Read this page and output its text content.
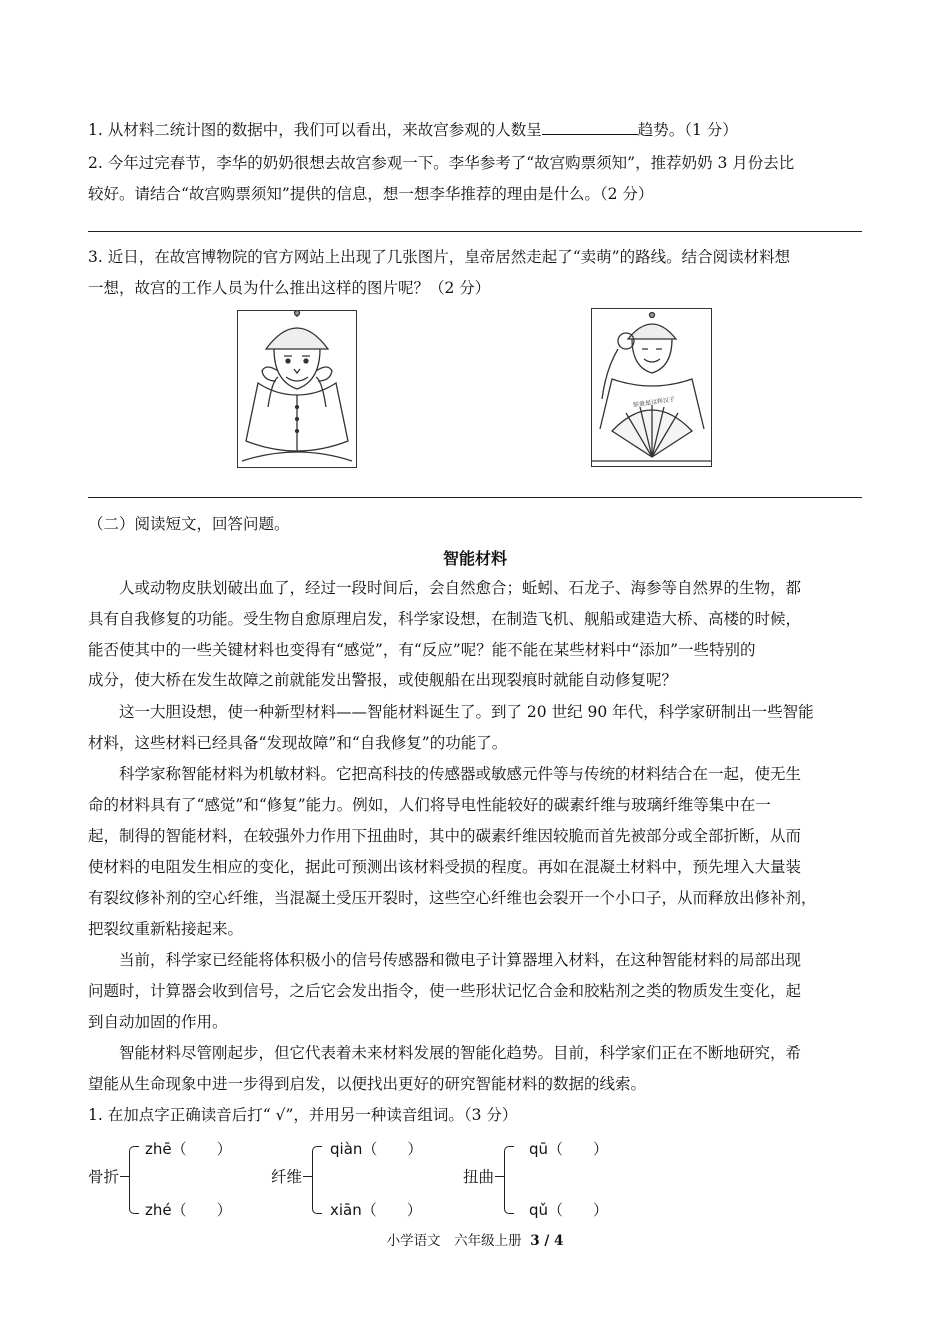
1. 从材料二统计图的数据中，我们可以看出，来故宫参观的人数呈	趋势。（1 分）
2. 今年过完春节，李华的奶奶很想去故宫参观一下。李华参考了“故宫购票须知”，推荐奶奶 3 月份去比
较好。请结合“故宫购票须知”提供的信息，想一想李华推荐的理由是什么。（2 分）
3. 近日，在故宫博物院的官方网站上出现了几张图片，皇帝居然走起了“卖萌”的路线。结合阅读材料想
一想，故宫的工作人员为什么推出这样的图片呢？（2 分）
朕就是这样汉子
（二）阅读短文，回答问题。
智能材料
人或动物皮肤划破出血了，经过一段时间后，会自然愈合；蚯蚓、石龙子、海参等自然界的生物，都
具有自我修复的功能。受生物自愈原理启发，科学家设想，在制造飞机、舰船或建造大桥、高楼的时候，
能否使其中的一些关键材料也变得有“感觉”，有“反应”呢？能不能在某些材料中“添加”一些特别的
成分，使大桥在发生故障之前就能发出警报，或使舰船在出现裂痕时就能自动修复呢？
这一大胆设想，使一种新型材料——智能材料诞生了。到了 20 世纪 90 年代，科学家研制出一些智能
材料，这些材料已经具备“发现故障”和“自我修复”的功能了。
科学家称智能材料为机敏材料。它把高科技的传感器或敏感元件等与传统的材料结合在一起，使无生
命的材料具有了“感觉”和“修复”能力。例如，人们将导电性能较好的碳素纤维与玻璃纤维等集中在一
起，制得的智能材料，在较强外力作用下扭曲时，其中的碳素纤维因较脆而首先被部分或全部折断，从而
使材料的电阻发生相应的变化，据此可预测出该材料受损的程度。再如在混凝土材料中，预先埋入大量装
有裂纹修补剂的空心纤维，当混凝土受压开裂时，这些空心纤维也会裂开一个小口子，从而释放出修补剂，
把裂纹重新粘接起来。
当前，科学家已经能将体积极小的信号传感器和微电子计算器埋入材料，在这种智能材料的局部出现
问题时，计算器会收到信号，之后它会发出指令，使一些形状记忆合金和胶粘剂之类的物质发生变化，起
到自动加固的作用。
智能材料尽管刚起步，但它代表着未来材料发展的智能化趋势。目前，科学家们正在不断地研究，希
望能从生命现象中进一步得到启发，以便找出更好的研究智能材料的数据的线索。
1. 在加点字正确读音后打“ √”，并用另一种读音组词。（3 分）
骨折
zhē（　　）
zhé（　　）
纤维
qiàn（　　）
xiān（　　）
扭曲
qū（　　）
qǔ（　　）
小学语文　 六年级上册 3 / 4
